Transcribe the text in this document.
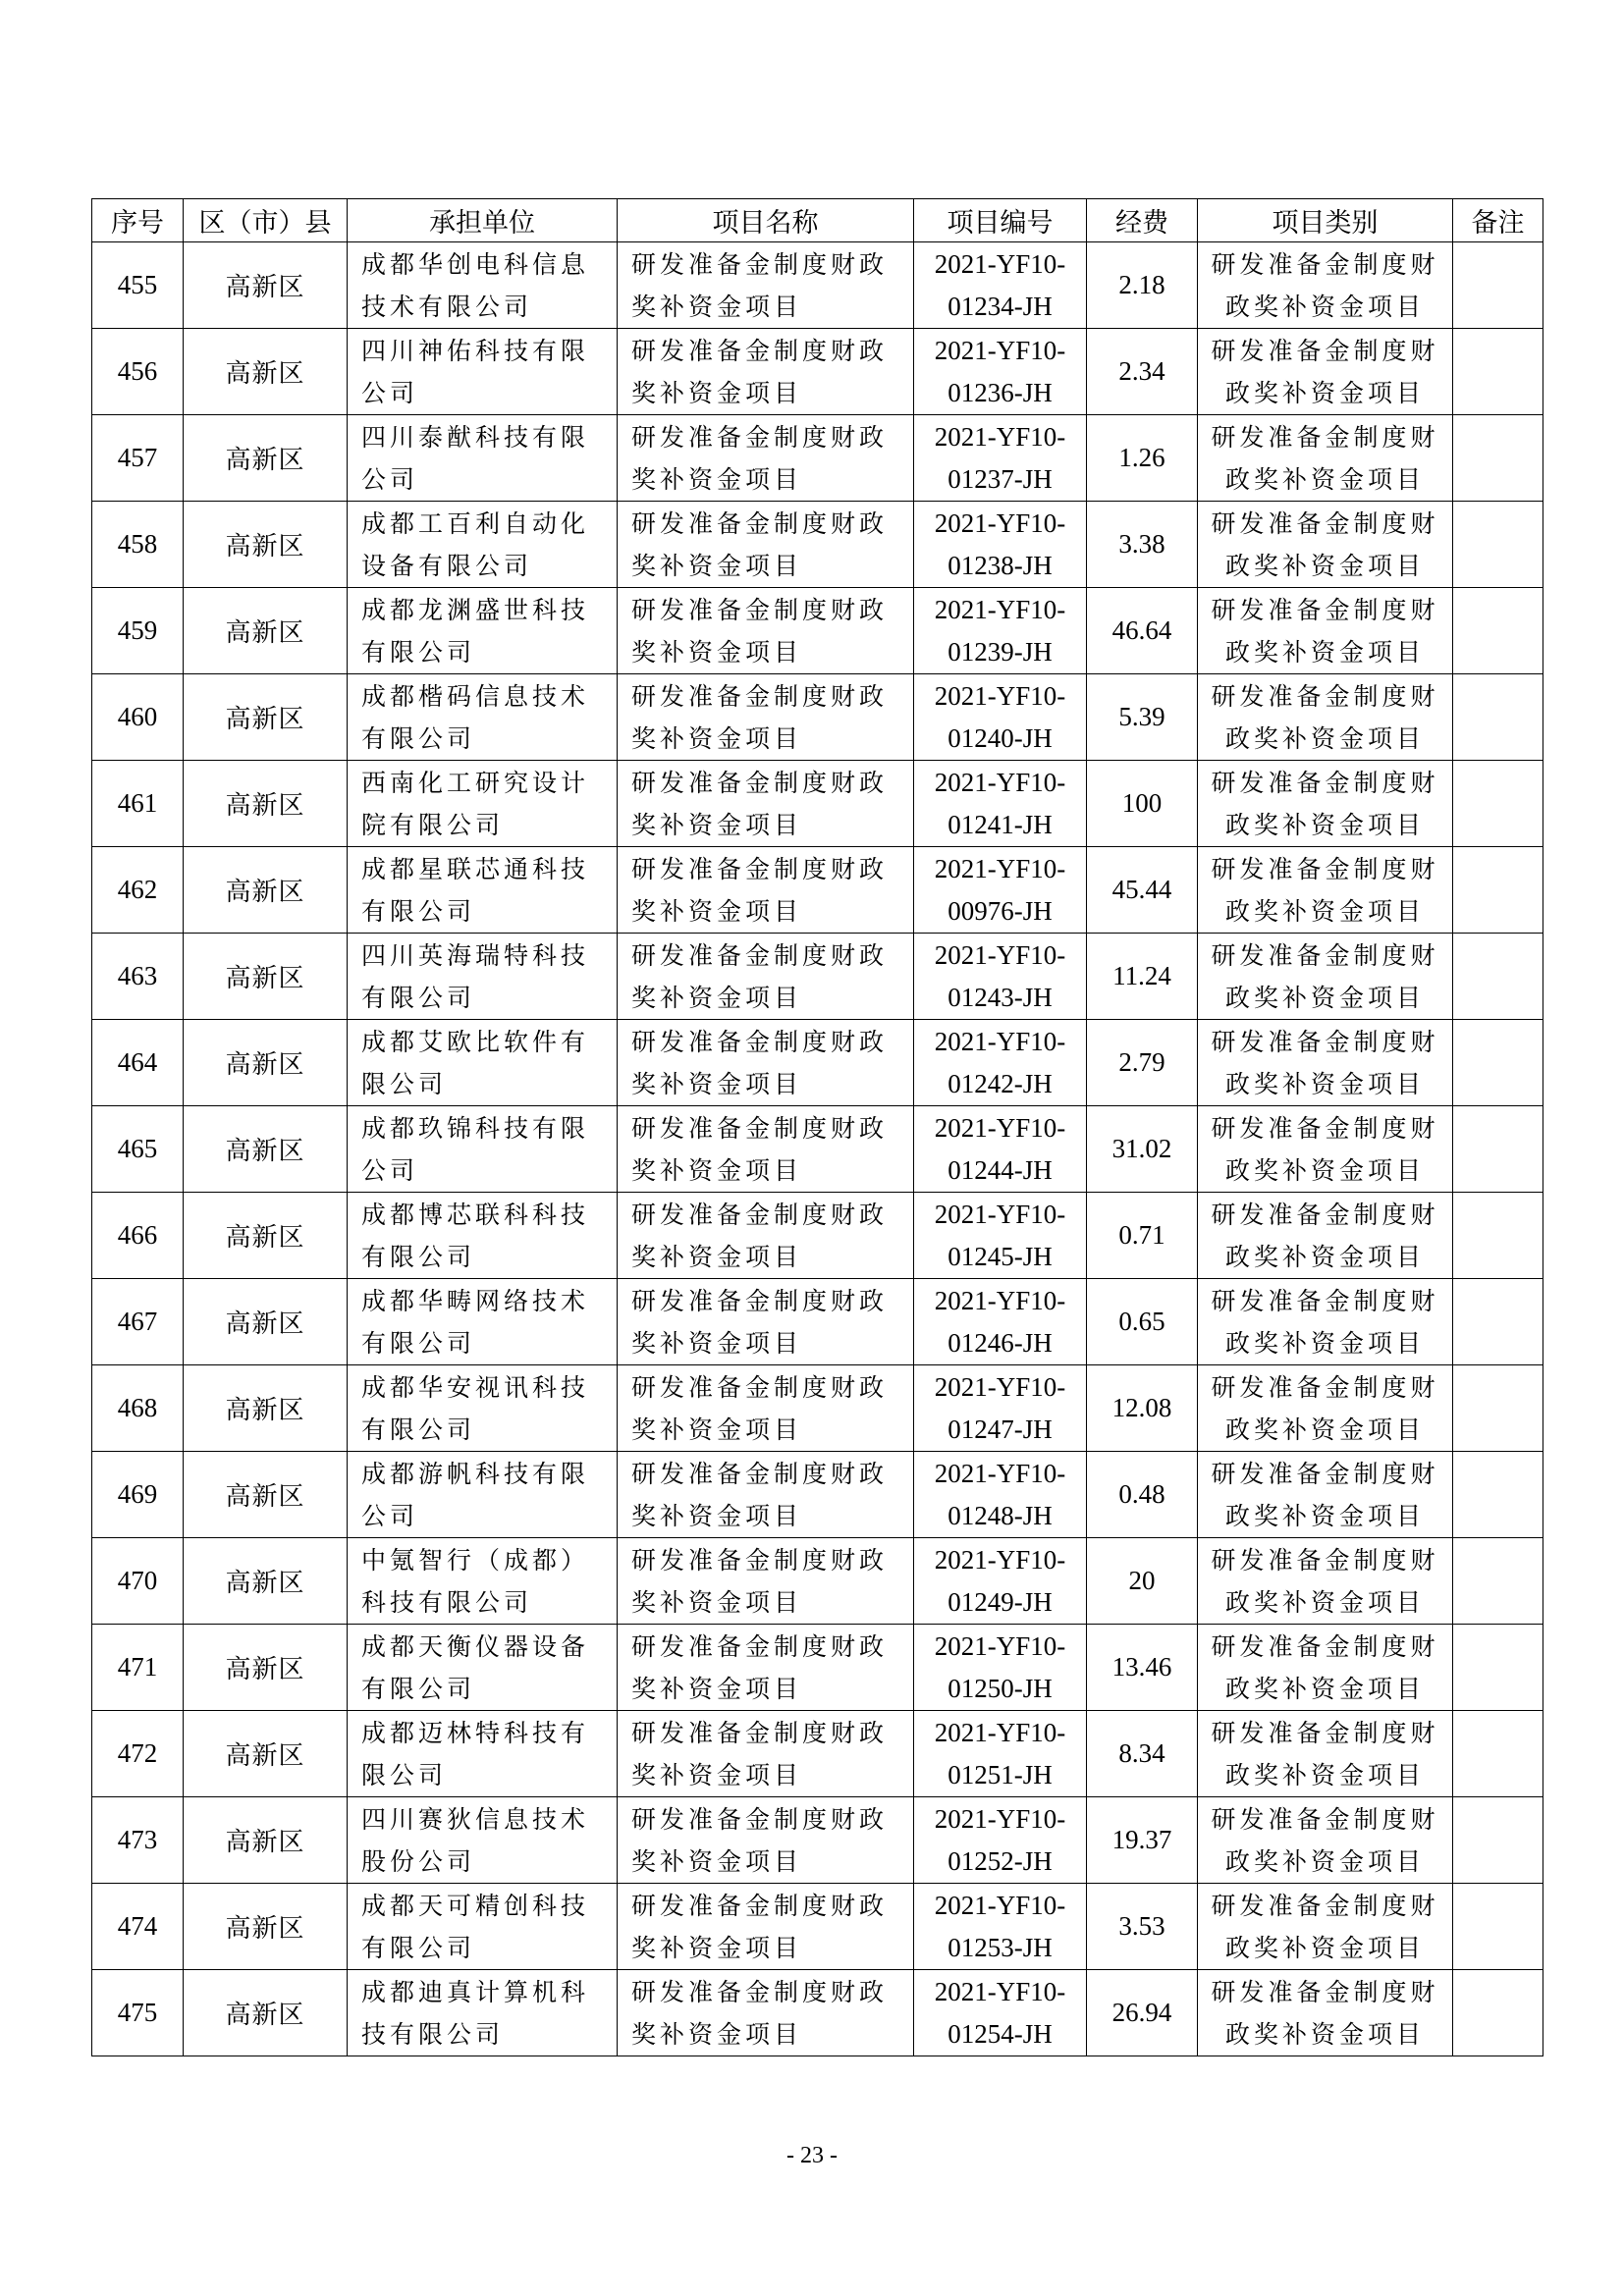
序号	区（市）县	承担单位	项目名称	项目编号	经费	项目类别	备注
455	高新区	成都华创电科信息技术有限公司	研发准备金制度财政奖补资金项目	2021-YF10-
01234-JH	2.18	研发准备金制度财政奖补资金项目	
456	高新区	四川神佑科技有限公司	研发准备金制度财政奖补资金项目	2021-YF10-
01236-JH	2.34	研发准备金制度财政奖补资金项目	
457	高新区	四川泰猷科技有限公司	研发准备金制度财政奖补资金项目	2021-YF10-
01237-JH	1.26	研发准备金制度财政奖补资金项目	
458	高新区	成都工百利自动化设备有限公司	研发准备金制度财政奖补资金项目	2021-YF10-
01238-JH	3.38	研发准备金制度财政奖补资金项目	
459	高新区	成都龙渊盛世科技有限公司	研发准备金制度财政奖补资金项目	2021-YF10-
01239-JH	46.64	研发准备金制度财政奖补资金项目	
460	高新区	成都楷码信息技术有限公司	研发准备金制度财政奖补资金项目	2021-YF10-
01240-JH	5.39	研发准备金制度财政奖补资金项目	
461	高新区	西南化工研究设计院有限公司	研发准备金制度财政奖补资金项目	2021-YF10-
01241-JH	100	研发准备金制度财政奖补资金项目	
462	高新区	成都星联芯通科技有限公司	研发准备金制度财政奖补资金项目	2021-YF10-
00976-JH	45.44	研发准备金制度财政奖补资金项目	
463	高新区	四川英海瑞特科技有限公司	研发准备金制度财政奖补资金项目	2021-YF10-
01243-JH	11.24	研发准备金制度财政奖补资金项目	
464	高新区	成都艾欧比软件有限公司	研发准备金制度财政奖补资金项目	2021-YF10-
01242-JH	2.79	研发准备金制度财政奖补资金项目	
465	高新区	成都玖锦科技有限公司	研发准备金制度财政奖补资金项目	2021-YF10-
01244-JH	31.02	研发准备金制度财政奖补资金项目	
466	高新区	成都博芯联科科技有限公司	研发准备金制度财政奖补资金项目	2021-YF10-
01245-JH	0.71	研发准备金制度财政奖补资金项目	
467	高新区	成都华畴网络技术有限公司	研发准备金制度财政奖补资金项目	2021-YF10-
01246-JH	0.65	研发准备金制度财政奖补资金项目	
468	高新区	成都华安视讯科技有限公司	研发准备金制度财政奖补资金项目	2021-YF10-
01247-JH	12.08	研发准备金制度财政奖补资金项目	
469	高新区	成都游帆科技有限公司	研发准备金制度财政奖补资金项目	2021-YF10-
01248-JH	0.48	研发准备金制度财政奖补资金项目	
470	高新区	中氪智行（成都）科技有限公司	研发准备金制度财政奖补资金项目	2021-YF10-
01249-JH	20	研发准备金制度财政奖补资金项目	
471	高新区	成都天衡仪器设备有限公司	研发准备金制度财政奖补资金项目	2021-YF10-
01250-JH	13.46	研发准备金制度财政奖补资金项目	
472	高新区	成都迈林特科技有限公司	研发准备金制度财政奖补资金项目	2021-YF10-
01251-JH	8.34	研发准备金制度财政奖补资金项目	
473	高新区	四川赛狄信息技术股份公司	研发准备金制度财政奖补资金项目	2021-YF10-
01252-JH	19.37	研发准备金制度财政奖补资金项目	
474	高新区	成都天可精创科技有限公司	研发准备金制度财政奖补资金项目	2021-YF10-
01253-JH	3.53	研发准备金制度财政奖补资金项目	
475	高新区	成都迪真计算机科技有限公司	研发准备金制度财政奖补资金项目	2021-YF10-
01254-JH	26.94	研发准备金制度财政奖补资金项目	
- 23 -
